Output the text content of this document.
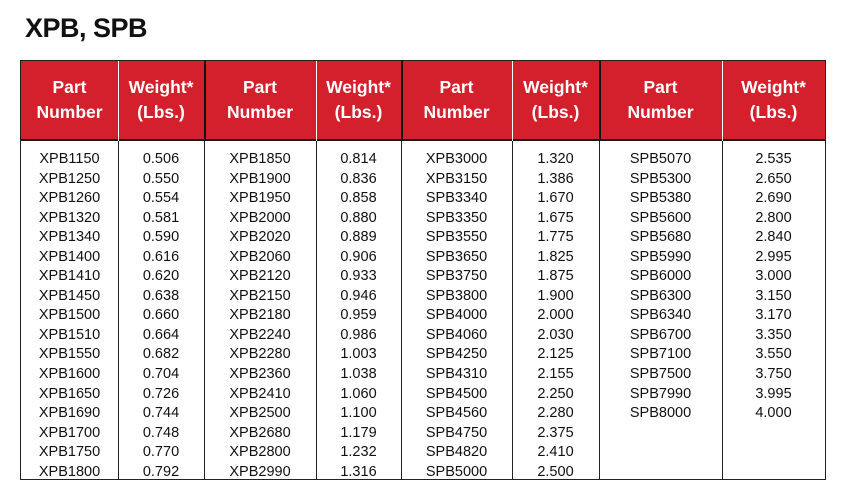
XPB, SPB
Part
Number
Weight*
(Lbs.)
Part
Number
Weight*
(Lbs.)
Part
Number
Weight*
(Lbs.)
Part
Number
Weight*
(Lbs.)
XPB1150
XPB1250
XPB1260
XPB1320
XPB1340
XPB1400
XPB1410
XPB1450
XPB1500
XPB1510
XPB1550
XPB1600
XPB1650
XPB1690
XPB1700
XPB1750
XPB1800
0.506
0.550
0.554
0.581
0.590
0.616
0.620
0.638
0.660
0.664
0.682
0.704
0.726
0.744
0.748
0.770
0.792
XPB1850
XPB1900
XPB1950
XPB2000
XPB2020
XPB2060
XPB2120
XPB2150
XPB2180
XPB2240
XPB2280
XPB2360
XPB2410
XPB2500
XPB2680
XPB2800
XPB2990
0.814
0.836
0.858
0.880
0.889
0.906
0.933
0.946
0.959
0.986
1.003
1.038
1.060
1.100
1.179
1.232
1.316
XPB3000
XPB3150
SPB3340
SPB3350
SPB3550
SPB3650
SPB3750
SPB3800
SPB4000
SPB4060
SPB4250
SPB4310
SPB4500
SPB4560
SPB4750
SPB4820
SPB5000
1.320
1.386
1.670
1.675
1.775
1.825
1.875
1.900
2.000
2.030
2.125
2.155
2.250
2.280
2.375
2.410
2.500
SPB5070
SPB5300
SPB5380
SPB5600
SPB5680
SPB5990
SPB6000
SPB6300
SPB6340
SPB6700
SPB7100
SPB7500
SPB7990
SPB8000
2.535
2.650
2.690
2.800
2.840
2.995
3.000
3.150
3.170
3.350
3.550
3.750
3.995
4.000
